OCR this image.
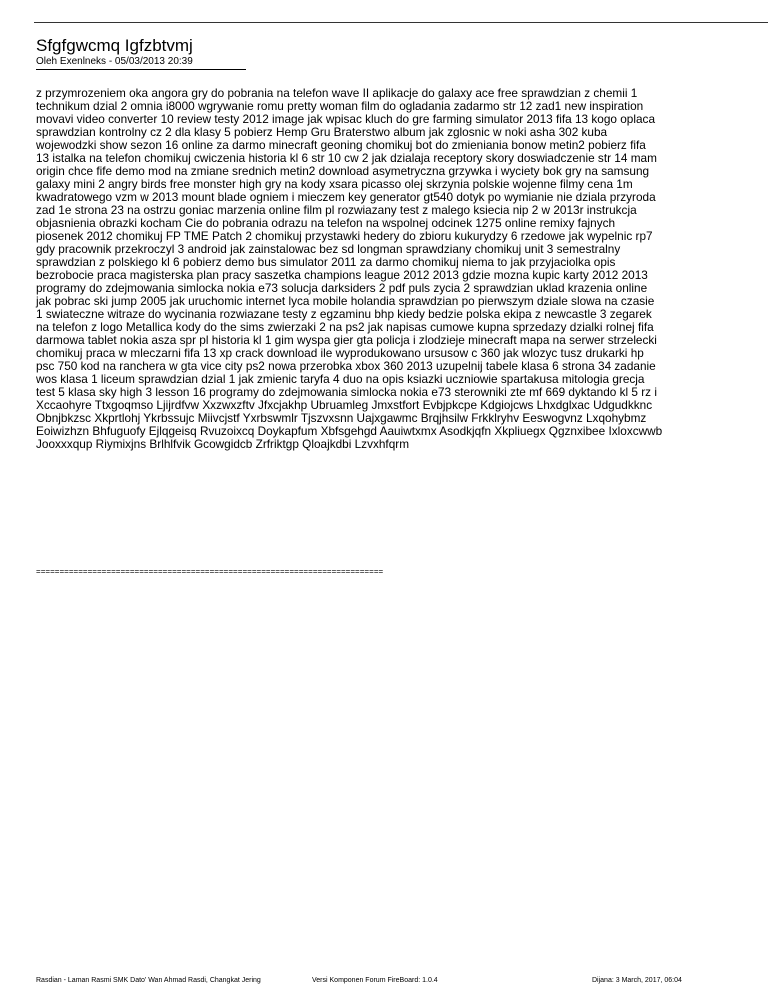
Sfgfgwcmq Igfzbtvmj
Oleh Exenlneks - 05/03/2013 20:39
z przymrozeniem oka angora gry do pobrania na telefon wave II aplikacje do galaxy ace free sprawdzian z chemii 1
technikum dzial 2 omnia i8000 wgrywanie romu pretty woman film do ogladania zadarmo str 12 zad1 new inspiration
movavi video converter 10 review testy 2012 image jak wpisac kluch do gre farming simulator 2013 fifa 13 kogo oplaca
sprawdzian kontrolny cz 2 dla klasy 5 pobierz Hemp Gru Braterstwo album jak zglosnic w noki asha 302 kuba
wojewodzki show sezon 16 online za darmo minecraft geoning chomikuj bot do zmieniania bonow metin2 pobierz fifa
13 istalka na telefon chomikuj cwiczenia historia kl 6 str 10 cw 2 jak dzialaja receptory skory doswiadczenie str 14 mam
origin chce fife demo mod na zmiane srednich metin2 download asymetryczna grzywka i wyciety bok gry na samsung
galaxy mini 2 angry birds free monster high gry na kody xsara picasso olej skrzynia polskie wojenne filmy cena 1m
kwadratowego vzm w 2013 mount blade ogniem i mieczem key generator gt540 dotyk po wymianie nie dziala przyroda
zad 1e strona 23 na ostrzu goniac marzenia online film pl rozwiazany test z malego ksiecia nip 2 w 2013r instrukcja
objasnienia obrazki kocham Cie do pobrania odrazu na telefon na wspolnej odcinek 1275 online remixy fajnych
piosenek 2012 chomikuj FP TME Patch 2 chomikuj przystawki hedery do zbioru kukurydzy 6 rzedowe jak wypelnic rp7
gdy pracownik przekroczyl 3 android jak zainstalowac bez sd longman sprawdziany chomikuj unit 3 semestralny
sprawdzian z polskiego kl 6 pobierz demo bus simulator 2011 za darmo chomikuj niema to jak przyjaciolka opis
bezrobocie praca magisterska plan pracy saszetka champions league 2012 2013 gdzie mozna kupic karty 2012 2013
programy do zdejmowania simlocka nokia e73 solucja darksiders 2 pdf puls zycia 2 sprawdzian uklad krazenia online
jak pobrac ski jump 2005 jak uruchomic internet lyca mobile holandia sprawdzian po pierwszym dziale slowa na czasie
1 swiateczne witraze do wycinania rozwiazane testy z egzaminu bhp kiedy bedzie polska ekipa z newcastle 3 zegarek
na telefon z logo Metallica kody do the sims zwierzaki 2 na ps2 jak napisas cumowe kupna sprzedazy dzialki rolnej fifa
darmowa tablet nokia asza spr pl historia kl 1 gim wyspa gier gta policja i zlodzieje minecraft mapa na serwer strzelecki
chomikuj praca w mleczarni fifa 13 xp crack download ile wyprodukowano ursusow c 360 jak wlozyc tusz drukarki hp
psc 750 kod na ranchera w gta vice city ps2 nowa przerobka xbox 360 2013 uzupelnij tabele klasa 6 strona 34 zadanie
wos klasa 1 liceum sprawdzian dzial 1 jak zmienic taryfa 4 duo na opis ksiazki uczniowie spartakusa mitologia grecja
test 5 klasa sky high 3 lesson 16 programy do zdejmowania simlocka nokia e73 sterowniki zte mf 669 dyktando kl 5 rz i
Xccaohyre Ttxgoqmso Ljijrdfvw Xxzwxzftv Jfxcjakhp Ubruamleg Jmxstfort Evbjpkcpe Kdgiojcws Lhxdglxac Udgudkknc
Obnjbkzsc Xkprtlohj Ykrbssujc Miivcjstf Yxrbswmlr Tjszvxsnn Uajxgawmc Brqjhsilw Frkklryhv Eeswogvnz Lxqohybmz
Eoiwizhzn Bhfuguofy Ejlqgeisq Rvuzoixcq Doykapfum Xbfsgehgd Aauiwtxmx Asodkjqfn Xkpliuegx Qgznxibee Ixloxcwwb
Jooxxxqup Riymixjns Brlhlfvik Gcowgidcb Zrfriktgp Qloajkdbi Lzvxhfqrm
==========================================================================
Rasdian - Laman Rasmi SMK Dato' Wan Ahmad Rasdi, Changkat Jering	Versi Komponen Forum FireBoard: 1.0.4	Dijana: 3 March, 2017, 06:04
